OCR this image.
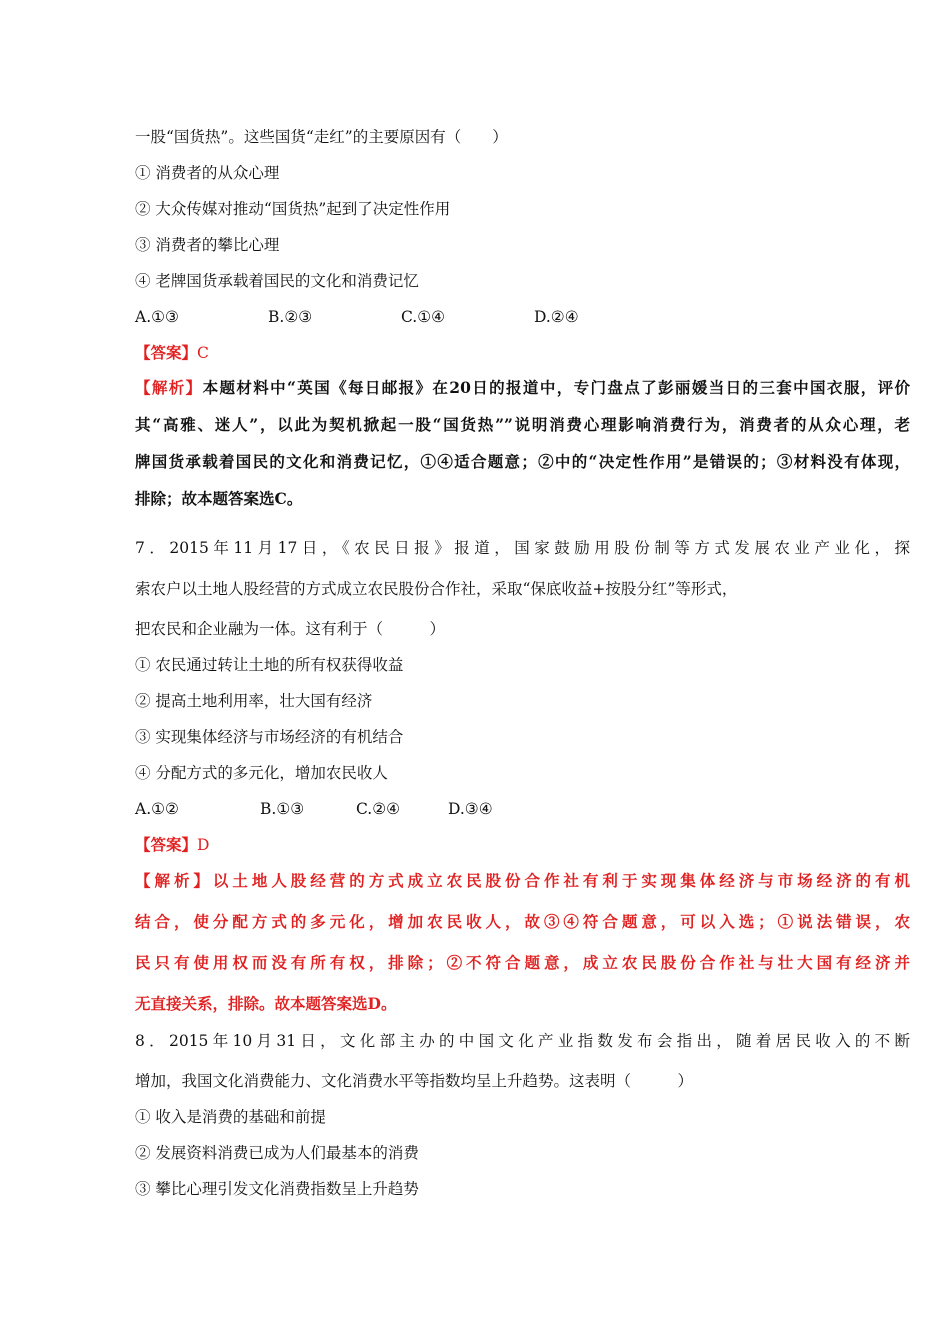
一股“国货热”。这些国货“走红”的主要原因有（　　）
① 消费者的从众心理
② 大众传媒对推动“国货热”起到了决定性作用
③ 消费者的攀比心理
④ 老牌国货承载着国民的文化和消费记忆
A.①③	B.②③	C.①④	D.②④
【答案】C
【解析】本题材料中“英国《每日邮报》在20日的报道中，专门盘点了彭丽媛当日的三套中国衣服，评价
其“高雅、迷人”，以此为契机掀起一股“国货热””说明消费心理影响消费行为，消费者的从众心理，老
牌国货承载着国民的文化和消费记忆，①④适合题意；②中的“决定性作用”是错误的；③材料没有体现，
排除；故本题答案选C。
7．2015年11月17日，《农民日报》报道，国家鼓励用股份制等方式发展农业产业化，探
索农户以土地人股经营的方式成立农民股份合作社，采取“保底收益+按股分红”等形式，
把农民和企业融为一体。这有利于（　　　）
① 农民通过转让土地的所有权获得收益
② 提高土地利用率，壮大国有经济
③ 实现集体经济与市场经济的有机结合
④ 分配方式的多元化，增加农民收人
A.①②	B.①③	C.②④	D.③④
【答案】D
【解析】以土地人股经营的方式成立农民股份合作社有利于实现集体经济与市场经济的有机
结合，使分配方式的多元化，增加农民收人，故③④符合题意，可以入选；①说法错误，农
民只有使用权而没有所有权，排除；②不符合题意，成立农民股份合作社与壮大国有经济并
无直接关系，排除。故本题答案选D。
8．2015年10月31日，文化部主办的中国文化产业指数发布会指出，随着居民收入的不断
增加，我国文化消费能力、文化消费水平等指数均呈上升趋势。这表明（　　　）
① 收入是消费的基础和前提
② 发展资料消费已成为人们最基本的消费
③ 攀比心理引发文化消费指数呈上升趋势
